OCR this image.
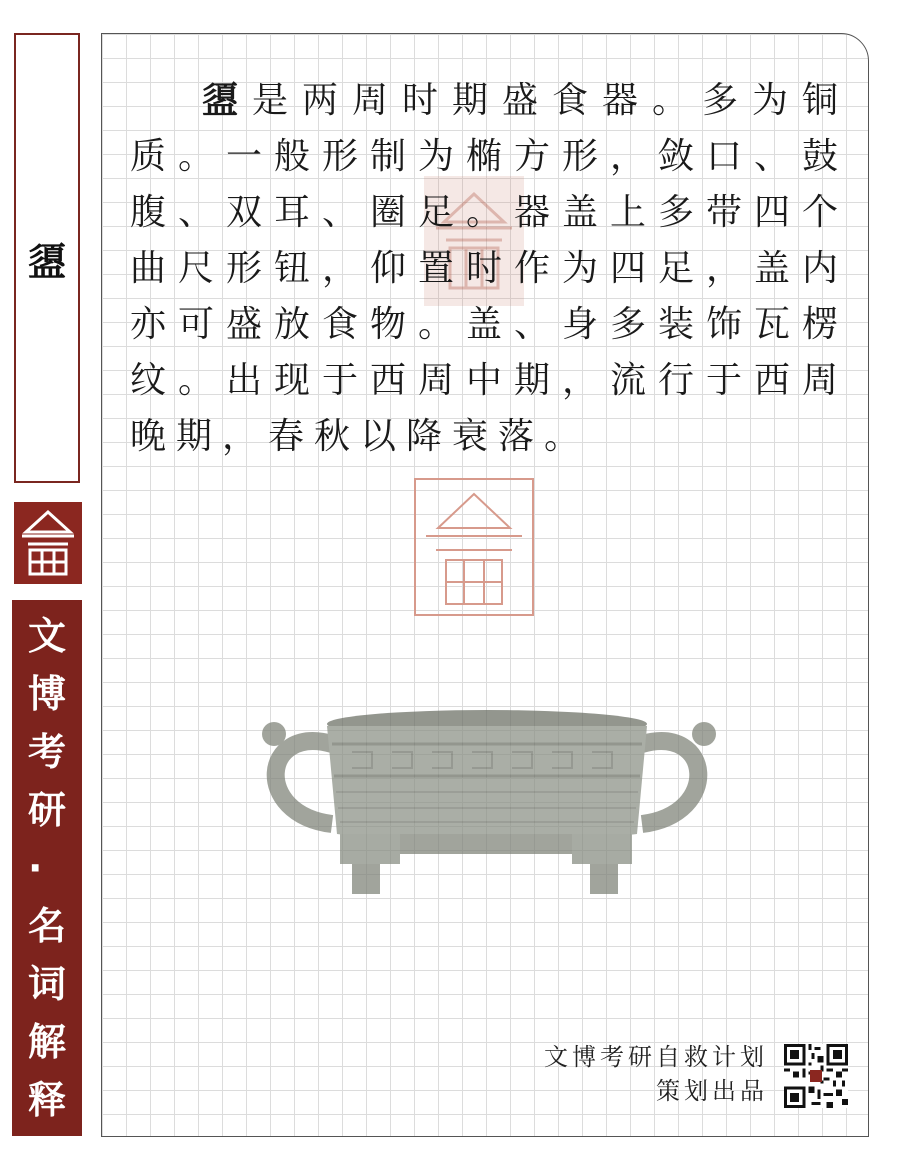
盨
文
博
考
研
·
名
词
解
释
盨是两周时期盛食器。多为铜质。一般形制为椭方形，敛口、鼓腹、双耳、圈足。器盖上多带四个曲尺形钮，仰置时作为四足，盖内亦可盛放食物。盖、身多装饰瓦楞纹。出现于西周中期，流行于西周晚期，春秋以降衰落。
文博考研自救计划
策划出品
